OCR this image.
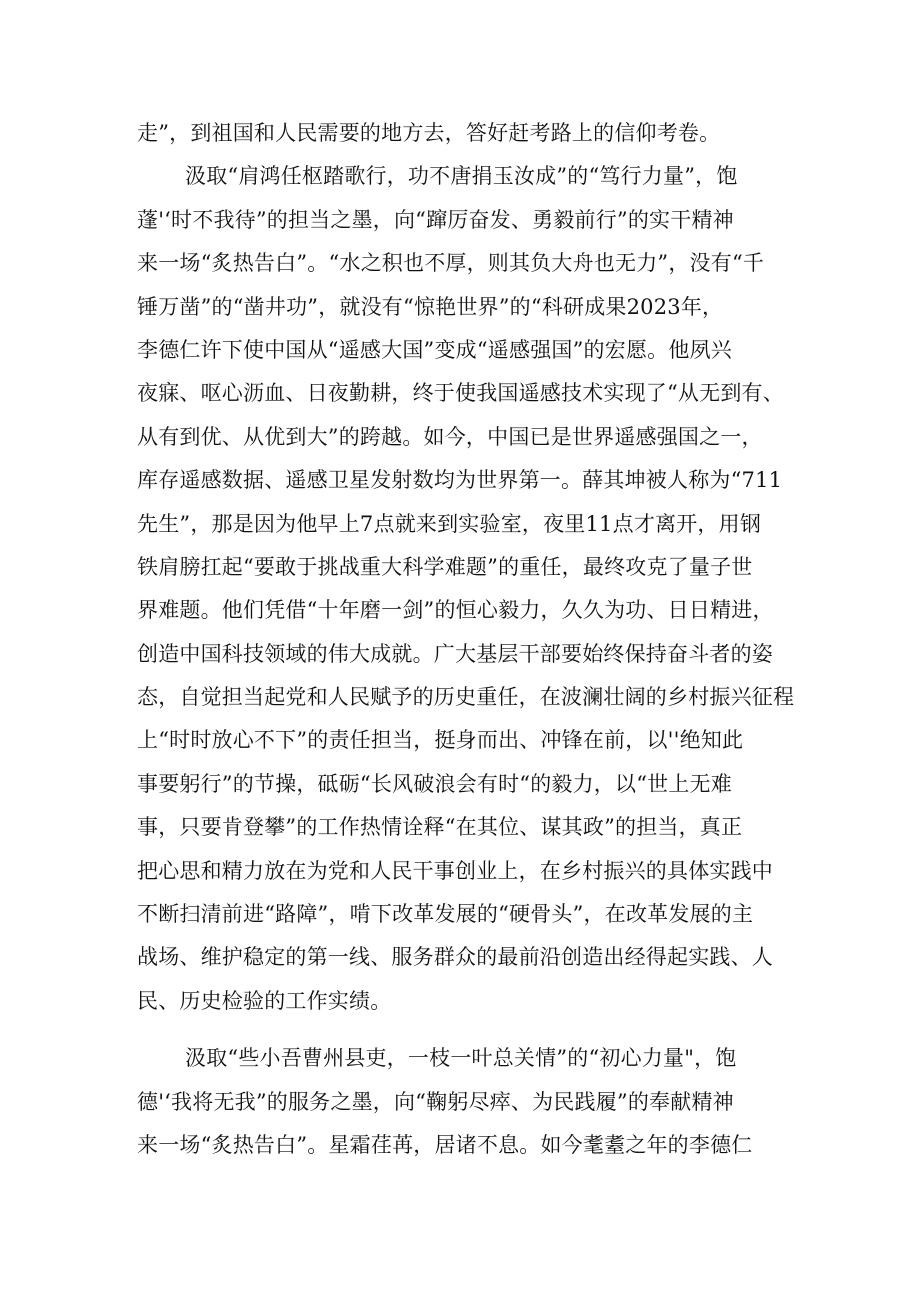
走”，到祖国和人民需要的地方去，答好赶考路上的信仰考卷。
汲取“肩鸿任枢踏歌行，功不唐捐玉汝成”的“笃行力量”，饱
蓬'‘时不我待”的担当之墨，向“蹿厉奋发、勇毅前行”的实干精神
来一场“炙热告白”。“水之积也不厚，则其负大舟也无力”，没有“千
锤万凿”的“凿井功”，就没有“惊艳世界”的“科研成果2023年，
李德仁许下使中国从“遥感大国”变成“遥感强国”的宏愿。他夙兴
夜寐、呕心沥血、日夜勤耕，终于使我国遥感技术实现了“从无到有、
从有到优、从优到大”的跨越。如今，中国已是世界遥感强国之一，
库存遥感数据、遥感卫星发射数均为世界第一。薛其坤被人称为“711
先生”，那是因为他早上7点就来到实验室，夜里11点才离开，用钢
铁肩膀扛起“要敢于挑战重大科学难题”的重任，最终攻克了量子世
界难题。他们凭借“十年磨一剑”的恒心毅力，久久为功、日日精进，
创造中国科技领域的伟大成就。广大基层干部要始终保持奋斗者的姿
态，自觉担当起党和人民赋予的历史重任，在波澜壮阔的乡村振兴征程
上“时时放心不下”的责任担当，挺身而出、冲锋在前，以''绝知此
事要躬行”的节操，砥砺“长风破浪会有时“的毅力，以“世上无难
事，只要肯登攀”的工作热情诠释“在其位、谋其政”的担当，真正
把心思和精力放在为党和人民干事创业上，在乡村振兴的具体实践中
不断扫清前进“路障”，啃下改革发展的“硬骨头”，在改革发展的主
战场、维护稳定的第一线、服务群众的最前沿创造出经得起实践、人
民、历史检验的工作实绩。
汲取“些小吾曹州县吏，一枝一叶总关情”的“初心力量"，饱
德'‘我将无我”的服务之墨，向“鞠躬尽瘁、为民践履”的奉献精神
来一场“炙热告白”。星霜荏苒，居诸不息。如今耄耋之年的李德仁
